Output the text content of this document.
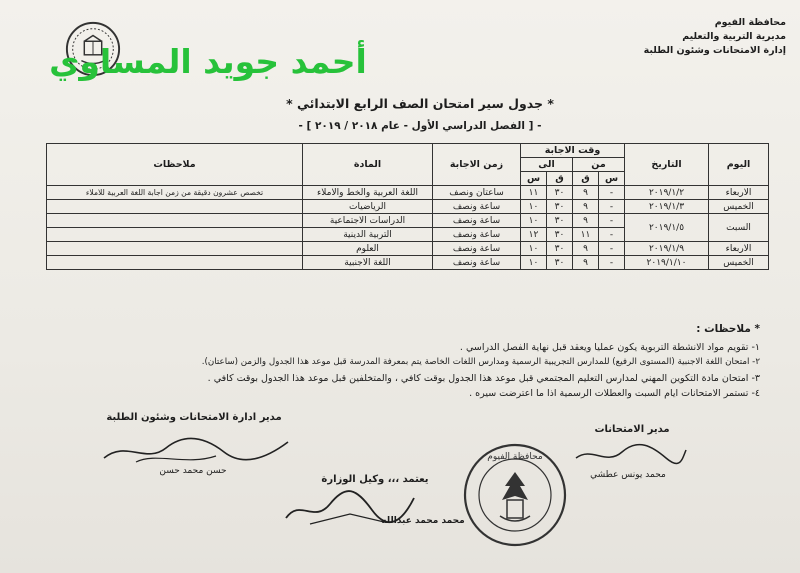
محافظة الفيوم
مديرية التربية والتعليم
إدارة الامتحانات وشئون الطلبة
أحمد جويد المساوي
* جدول سير امتحان الصف الرابع الابتدائي *
- [ الفصل الدراسي الأول - عام ٢٠١٨ / ٢٠١٩ ] -
اليوم	التاريخ	وقت الاجابة				زمن الاجابة	المادة	ملاحظات
		من		الى				
		س	ق	ق	س			
الاربعاء	٢٠١٩/١/٢	-	٩	٣٠	١١	ساعتان ونصف	اللغة العربية والخط والاملاء	تخصص عشرون دقيقة من زمن اجابة اللغة العربية للاملاء
الخميس	٢٠١٩/١/٣	-	٩	٣٠	١٠	ساعة ونصف	الرياضيات	
السبت	٢٠١٩/١/٥	-	٩	٣٠	١٠	ساعة ونصف	الدراسات الاجتماعية	
		-	١١	٣٠	١٢	ساعة ونصف	التربية الدينية	
الاربعاء	٢٠١٩/١/٩	-	٩	٣٠	١٠	ساعة ونصف	العلوم	
الخميس	٢٠١٩/١/١٠	-	٩	٣٠	١٠	ساعة ونصف	اللغة الاجنبية	
* ملاحظات :
١- تقويم مواد الانشطة التربوية يكون عمليا ويعقد قبل نهاية الفصل الدراسي .
٢- امتحان اللغة الاجنبية (المستوى الرفيع) للمدارس التجريبية الرسمية ومدارس اللغات الخاصة يتم بمعرفة المدرسة قبل موعد هذا الجدول والزمن (ساعتان).
٣- امتحان مادة التكوين المهني لمدارس التعليم المجتمعي قبل موعد هذا الجدول بوقت كافي ، والمتخلفين قبل موعد هذا الجدول بوقت كافي .
٤- تستمر الامتحانات ايام السبت والعطلات الرسمية اذا ما اعترضت سيره .
مدير ادارة الامتحانات وشئون الطلبة
حسن محمد حسن
مدير الامتحانات
محمد يونس عطشي
يعتمد ،،، وكيل الوزارة
محمد محمد عبدالله
محافظة الفيوم
